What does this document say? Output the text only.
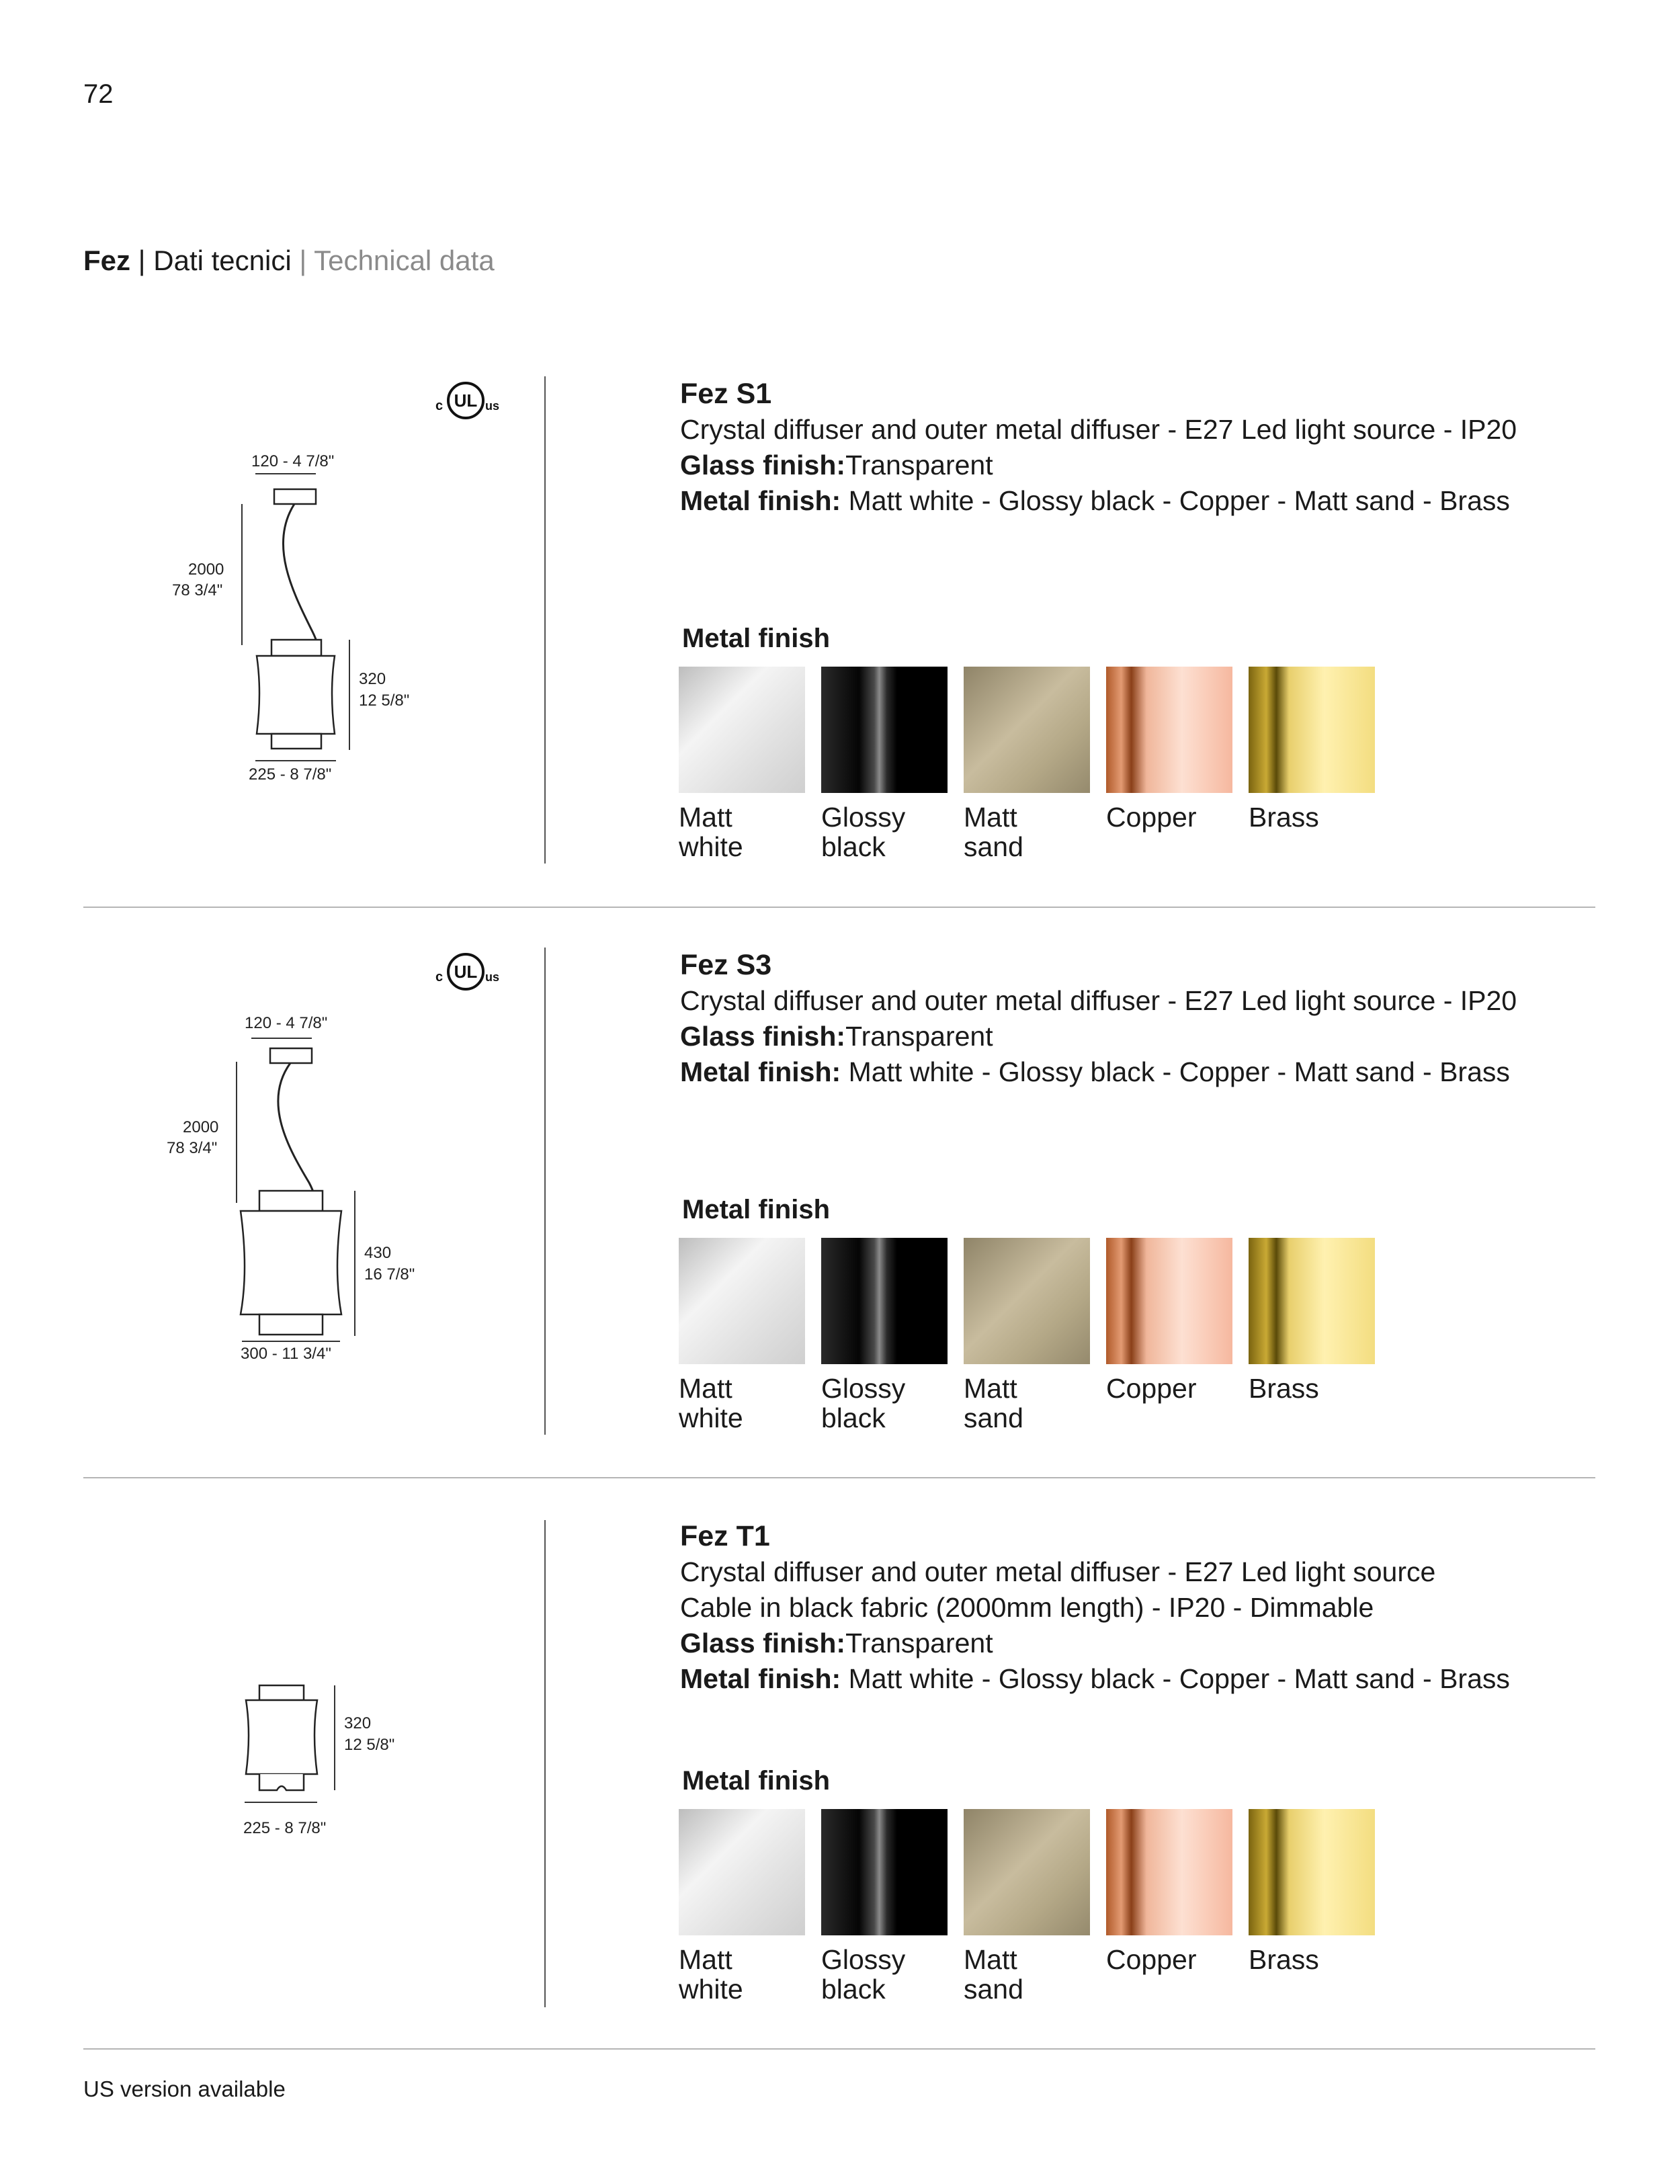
72
Fez | Dati tecnici | Technical data
c UL us
120 - 4 7/8"
2000
78 3/4"
320
12 5/8"
225 - 8 7/8"
Fez S1
Crystal diffuser and outer metal diffuser - E27 Led light source - IP20
Glass finish:Transparent
Metal finish: Matt white - Glossy black - Copper - Matt sand - Brass
Metal finish
Matt
white
Glossy
black
Matt
sand
Copper Brass
c UL us
120 - 4 7/8"
2000
78 3/4"
430
16 7/8"
300 - 11 3/4"
Fez S3
Crystal diffuser and outer metal diffuser - E27 Led light source - IP20
Glass finish:Transparent
Metal finish: Matt white - Glossy black - Copper - Matt sand - Brass
Metal finish
Matt
white
Glossy
black
Matt
sand
Copper Brass
320
12 5/8"
225 - 8 7/8"
Fez T1
Crystal diffuser and outer metal diffuser - E27 Led light source
Cable in black fabric (2000mm length) - IP20 - Dimmable
Glass finish:Transparent
Metal finish: Matt white - Glossy black - Copper - Matt sand - Brass
Metal finish
Matt
white
Glossy
black
Matt
sand
Copper Brass
US version available
